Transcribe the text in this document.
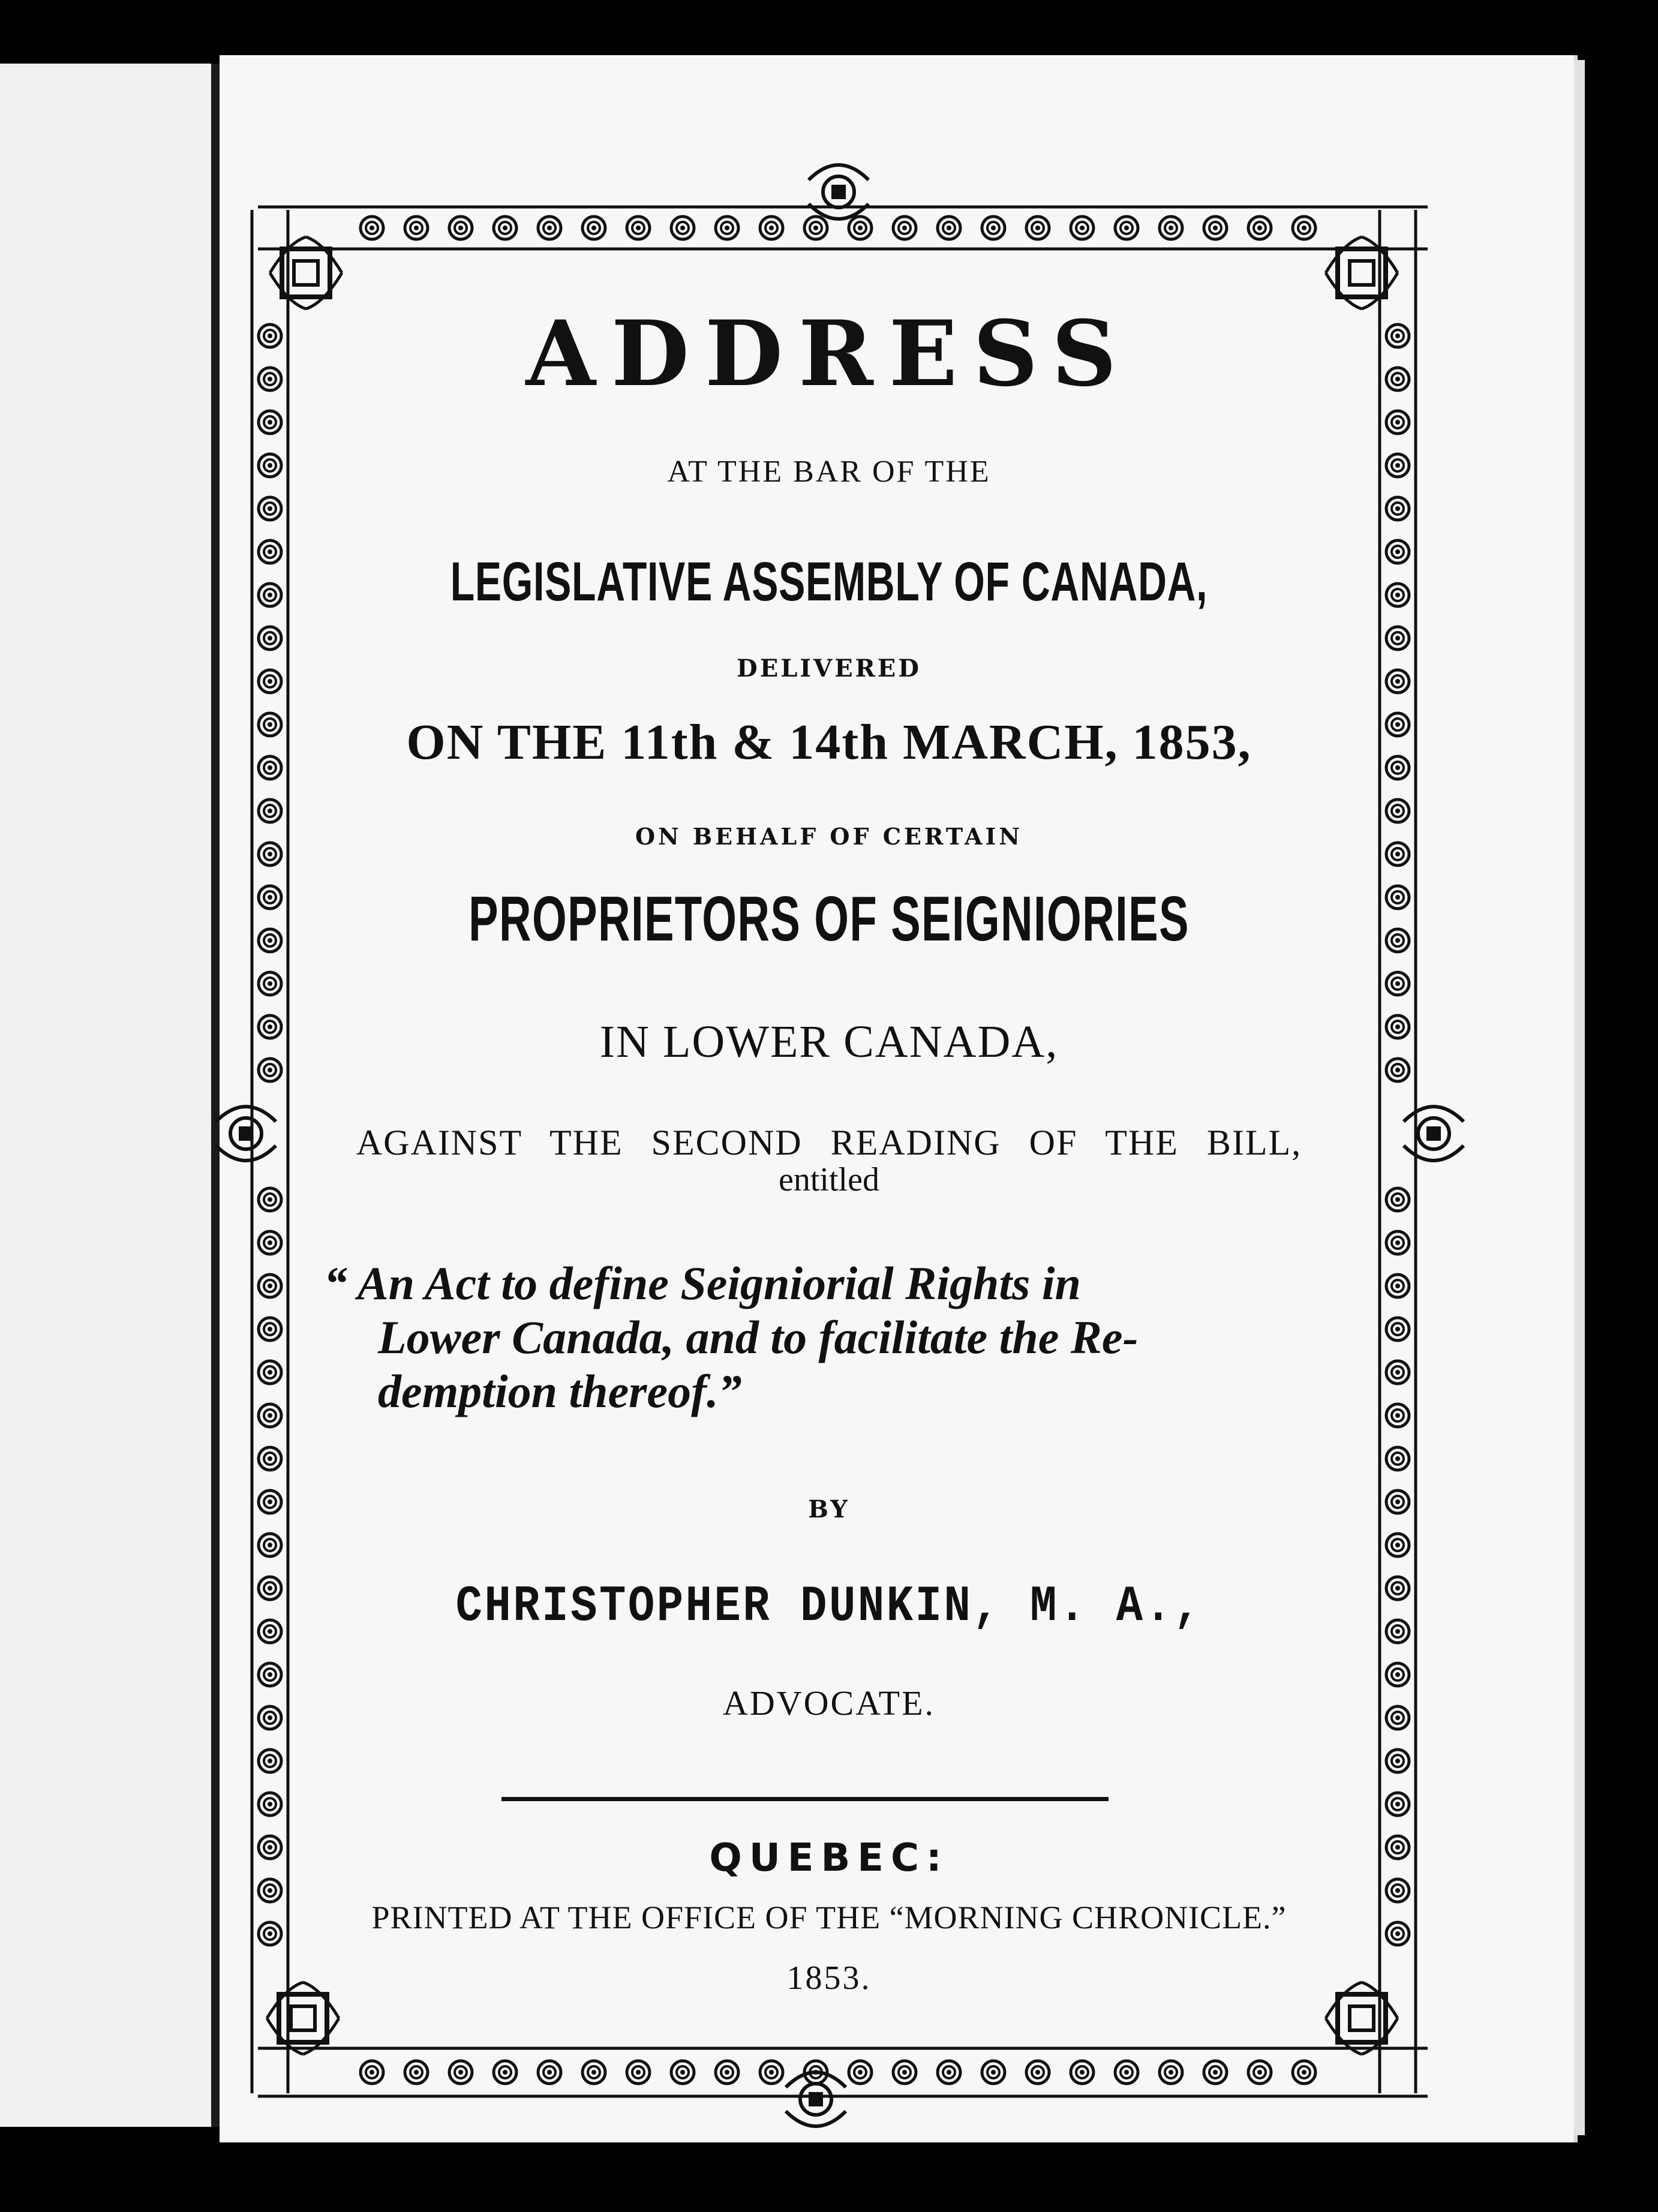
ADDRESS

AT THE BAR OF THE

LEGISLATIVE ASSEMBLY OF CANADA,

DELIVERED

ON THE 11th & 14th MARCH, 1853,

ON BEHALF OF CERTAIN

PROPRIETORS OF SEIGNIORIES

IN LOWER CANADA,

AGAINST THE SECOND READING OF THE BILL,

entitled

“ An Act to define Seigniorial Rights in
Lower Canada, and to facilitate the Re-
demption thereof.”

BY

CHRISTOPHER DUNKIN, M. A.,

ADVOCATE.

QUEBEC:

PRINTED AT THE OFFICE OF THE “MORNING CHRONICLE.”

1853.
